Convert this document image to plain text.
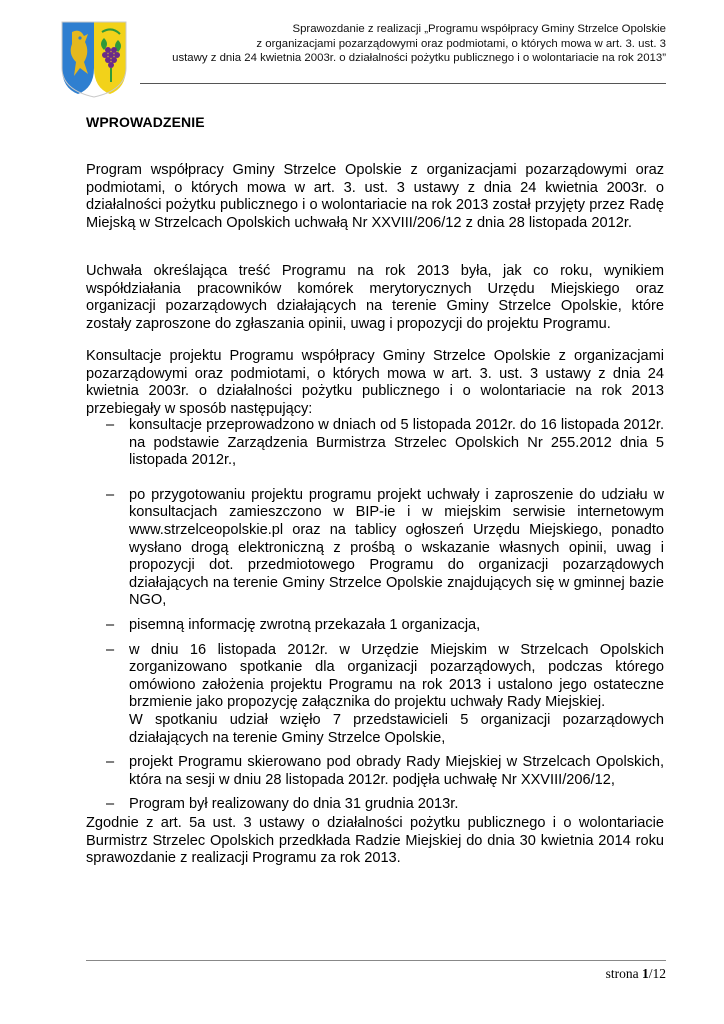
Sprawozdanie z realizacji „Programu współpracy Gminy Strzelce Opolskie
z organizacjami pozarządowymi oraz podmiotami, o których mowa w art. 3. ust. 3
ustawy z dnia 24 kwietnia 2003r. o działalności pożytku publicznego i o wolontariacie na rok 2013”
WPROWADZENIE
Program współpracy Gminy Strzelce Opolskie z organizacjami pozarządowymi oraz podmiotami, o których mowa w art. 3. ust. 3 ustawy z dnia 24 kwietnia 2003r. o działalności pożytku publicznego i o wolontariacie na rok 2013 został przyjęty przez Radę Miejską w Strzelcach Opolskich uchwałą Nr XXVIII/206/12 z dnia 28 listopada 2012r.
Uchwała określająca treść Programu na rok 2013 była, jak co roku, wynikiem współdziałania pracowników komórek merytorycznych Urzędu Miejskiego oraz organizacji pozarządowych działających na terenie Gminy Strzelce Opolskie, które zostały zaproszone do zgłaszania opinii, uwag i propozycji do projektu Programu.
Konsultacje projektu Programu współpracy Gminy Strzelce Opolskie z organizacjami pozarządowymi oraz podmiotami, o których mowa w art. 3. ust. 3 ustawy z dnia 24 kwietnia 2003r. o działalności pożytku publicznego i o wolontariacie na rok 2013 przebiegały w sposób następujący:
– konsultacje przeprowadzono w dniach od 5 listopada 2012r. do 16 listopada 2012r. na podstawie Zarządzenia Burmistrza Strzelec Opolskich Nr 255.2012 dnia 5 listopada 2012r.,
– po przygotowaniu projektu programu projekt uchwały i zaproszenie do udziału w konsultacjach zamieszczono w BIP-ie i w miejskim serwisie internetowym www.strzelceopolskie.pl oraz na tablicy ogłoszeń Urzędu Miejskiego, ponadto wysłano drogą elektroniczną z prośbą o wskazanie własnych opinii, uwag i propozycji dot. przedmiotowego Programu do organizacji pozarządowych działających na terenie Gminy Strzelce Opolskie znajdujących się w gminnej bazie NGO,
– pisemną informację zwrotną przekazała 1 organizacja,
– w dniu 16 listopada 2012r. w Urzędzie Miejskim w Strzelcach Opolskich zorganizowano spotkanie dla organizacji pozarządowych, podczas którego omówiono założenia projektu Programu na rok 2013 i ustalono jego ostateczne brzmienie jako propozycję załącznika do projektu uchwały Rady Miejskiej.
W spotkaniu udział wzięło 7 przedstawicieli 5 organizacji pozarządowych działających na terenie Gminy Strzelce Opolskie,
– projekt Programu skierowano pod obrady Rady Miejskiej w Strzelcach Opolskich, która na sesji w dniu 28 listopada 2012r. podjęła uchwałę Nr XXVIII/206/12,
– Program był realizowany do dnia 31 grudnia 2013r.
Zgodnie z art. 5a ust. 3 ustawy o działalności pożytku publicznego i o wolontariacie Burmistrz Strzelec Opolskich przedkłada Radzie Miejskiej do dnia 30 kwietnia 2014 roku sprawozdanie z realizacji Programu za rok 2013.
strona 1/12
